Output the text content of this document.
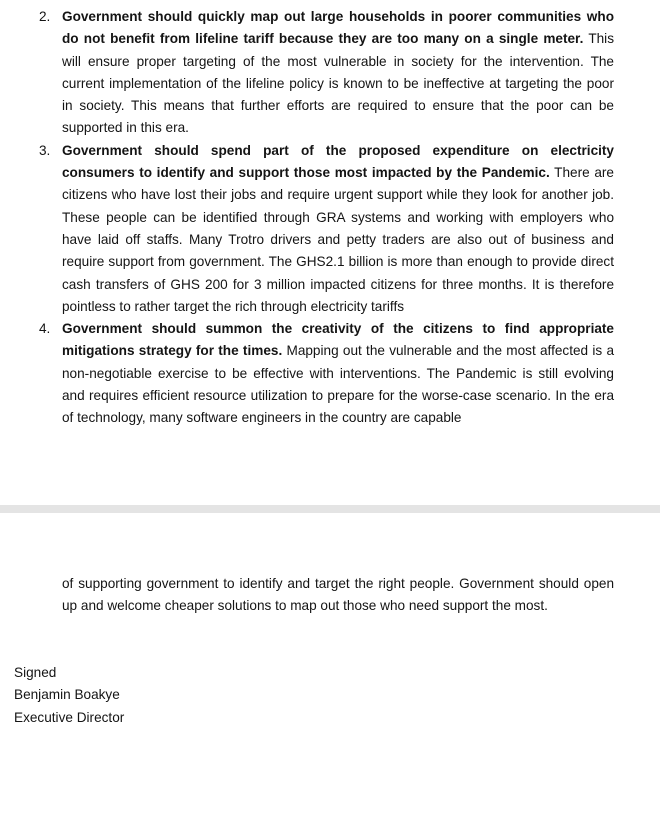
2. Government should quickly map out large households in poorer communities who do not benefit from lifeline tariff because they are too many on a single meter. This will ensure proper targeting of the most vulnerable in society for the intervention. The current implementation of the lifeline policy is known to be ineffective at targeting the poor in society. This means that further efforts are required to ensure that the poor can be supported in this era.
3. Government should spend part of the proposed expenditure on electricity consumers to identify and support those most impacted by the Pandemic. There are citizens who have lost their jobs and require urgent support while they look for another job. These people can be identified through GRA systems and working with employers who have laid off staffs. Many Trotro drivers and petty traders are also out of business and require support from government. The GHS2.1 billion is more than enough to provide direct cash transfers of GHS 200 for 3 million impacted citizens for three months. It is therefore pointless to rather target the rich through electricity tariffs
4. Government should summon the creativity of the citizens to find appropriate mitigations strategy for the times. Mapping out the vulnerable and the most affected is a non-negotiable exercise to be effective with interventions. The Pandemic is still evolving and requires efficient resource utilization to prepare for the worse-case scenario. In the era of technology, many software engineers in the country are capable

of supporting government to identify and target the right people. Government should open up and welcome cheaper solutions to map out those who need support the most.

Signed
Benjamin Boakye
Executive Director
